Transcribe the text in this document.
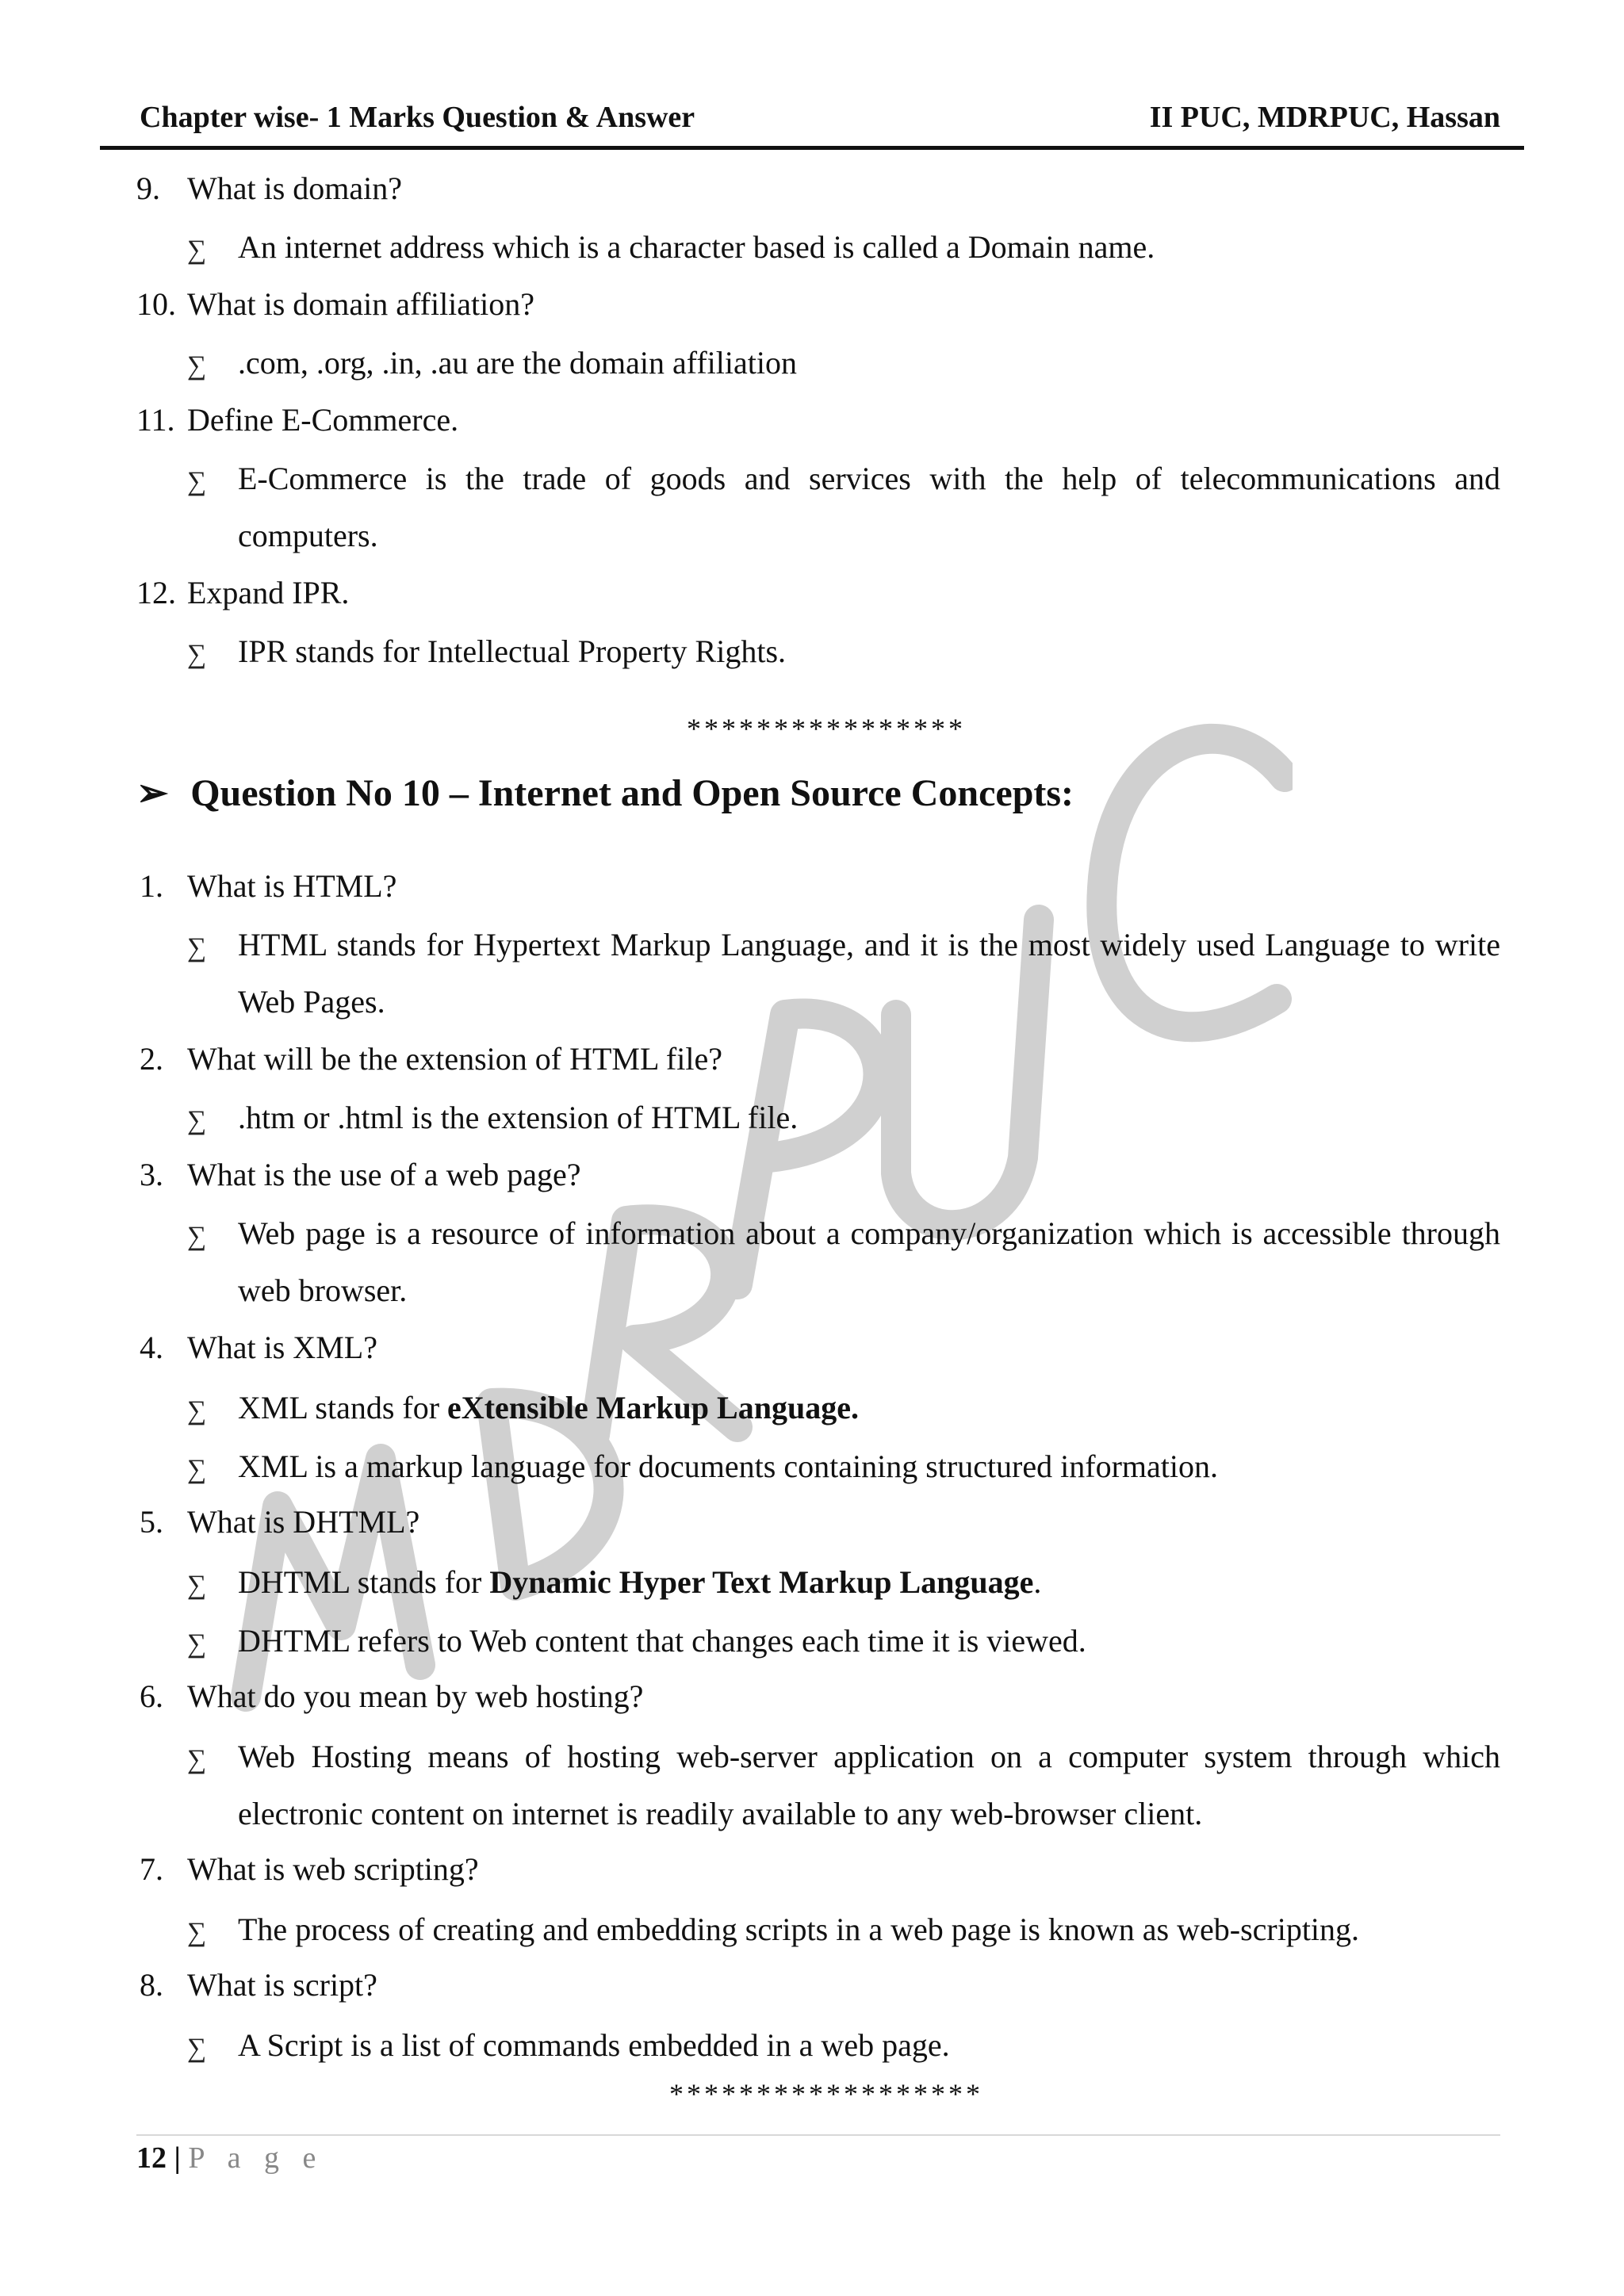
Chapter wise- 1 Marks Question & Answer	II PUC, MDRPUC, Hassan
9. What is domain?
∑ An internet address which is a character based is called a Domain name.
10. What is domain affiliation?
∑ .com, .org, .in, .au are the domain affiliation
11. Define E-Commerce.
∑ E-Commerce is the trade of goods and services with the help of telecommunications and computers.
12. Expand IPR.
∑ IPR stands for Intellectual Property Rights.
****************
➢ Question No 10 – Internet and Open Source Concepts:
1. What is HTML?
∑ HTML stands for Hypertext Markup Language, and it is the most widely used Language to write Web Pages.
2. What will be the extension of HTML file?
∑ .htm or .html is the extension of HTML file.
3. What is the use of a web page?
∑ Web page is a resource of information about a company/organization which is accessible through web browser.
4. What is XML?
∑ XML stands for eXtensible Markup Language.
∑ XML is a markup language for documents containing structured information.
5. What is DHTML?
∑ DHTML stands for Dynamic Hyper Text Markup Language.
∑ DHTML refers to Web content that changes each time it is viewed.
6. What do you mean by web hosting?
∑ Web Hosting means of hosting web-server application on a computer system through which electronic content on internet is readily available to any web-browser client.
7. What is web scripting?
∑ The process of creating and embedding scripts in a web page is known as web-scripting.
8. What is script?
∑ A Script is a list of commands embedded in a web page.
******************
12 | P a g e
